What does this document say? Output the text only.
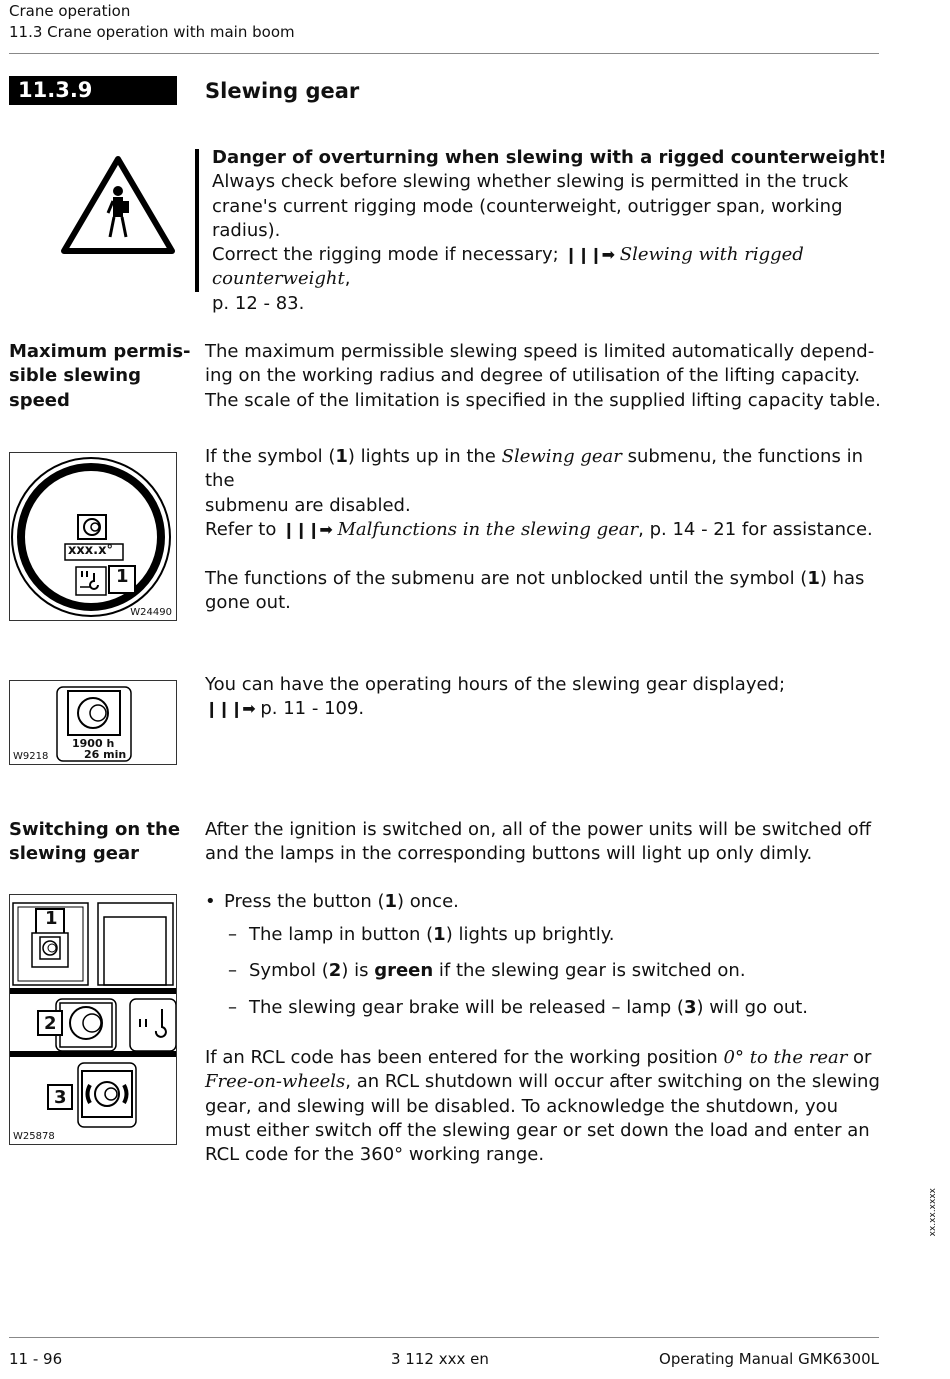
Crane operation
11.3 Crane operation with main boom
11.3.9	Slewing gear

Danger of overturning when slewing with a rigged counterweight!

Always check before slewing whether slewing is permitted in the truck crane's current rigging mode (counterweight, outrigger span, working radius).

Correct the rigging mode if necessary; ❙❙❙➡ Slewing with rigged counterweight,

p. 12 - 83.

Maximum permis-

sible slewing

speed

The maximum permissible slewing speed is limited automatically depend-

ing on the working radius and degree of utilisation of the lifting capacity.

The scale of the limitation is specified in the supplied lifting capacity table.

xxx.x°
1
W24490

If the symbol (1) lights up in the Slewing gear submenu, the functions in the

submenu are disabled.

Refer to ❙❙❙➡ Malfunctions in the slewing gear, p. 14 - 21 for assistance.

The functions of the submenu are not unblocked until the symbol (1) has

gone out.

1900 h
26 min
W9218

You can have the operating hours of the slewing gear displayed;

❙❙❙➡ p. 11 - 109.

Switching on the

slewing gear

After the ignition is switched on, all of the power units will be switched off

and the lamps in the corresponding buttons will light up only dimly.

1
2
3
W25878
• Press the button (1) once.
– The lamp in button (1) lights up brightly.
– Symbol (2) is green if the slewing gear is switched on.
– The slewing gear brake will be released – lamp (3) will go out.

If an RCL code has been entered for the working position 0° to the rear or

Free-on-wheels, an RCL shutdown will occur after switching on the slewing

gear, and slewing will be disabled. To acknowledge the shutdown, you

must either switch off the slewing gear or set down the load and enter an

RCL code for the 360° working range.

xx.xx.xxxx
11 - 96	3 112 xxx en	Operating Manual GMK6300L
